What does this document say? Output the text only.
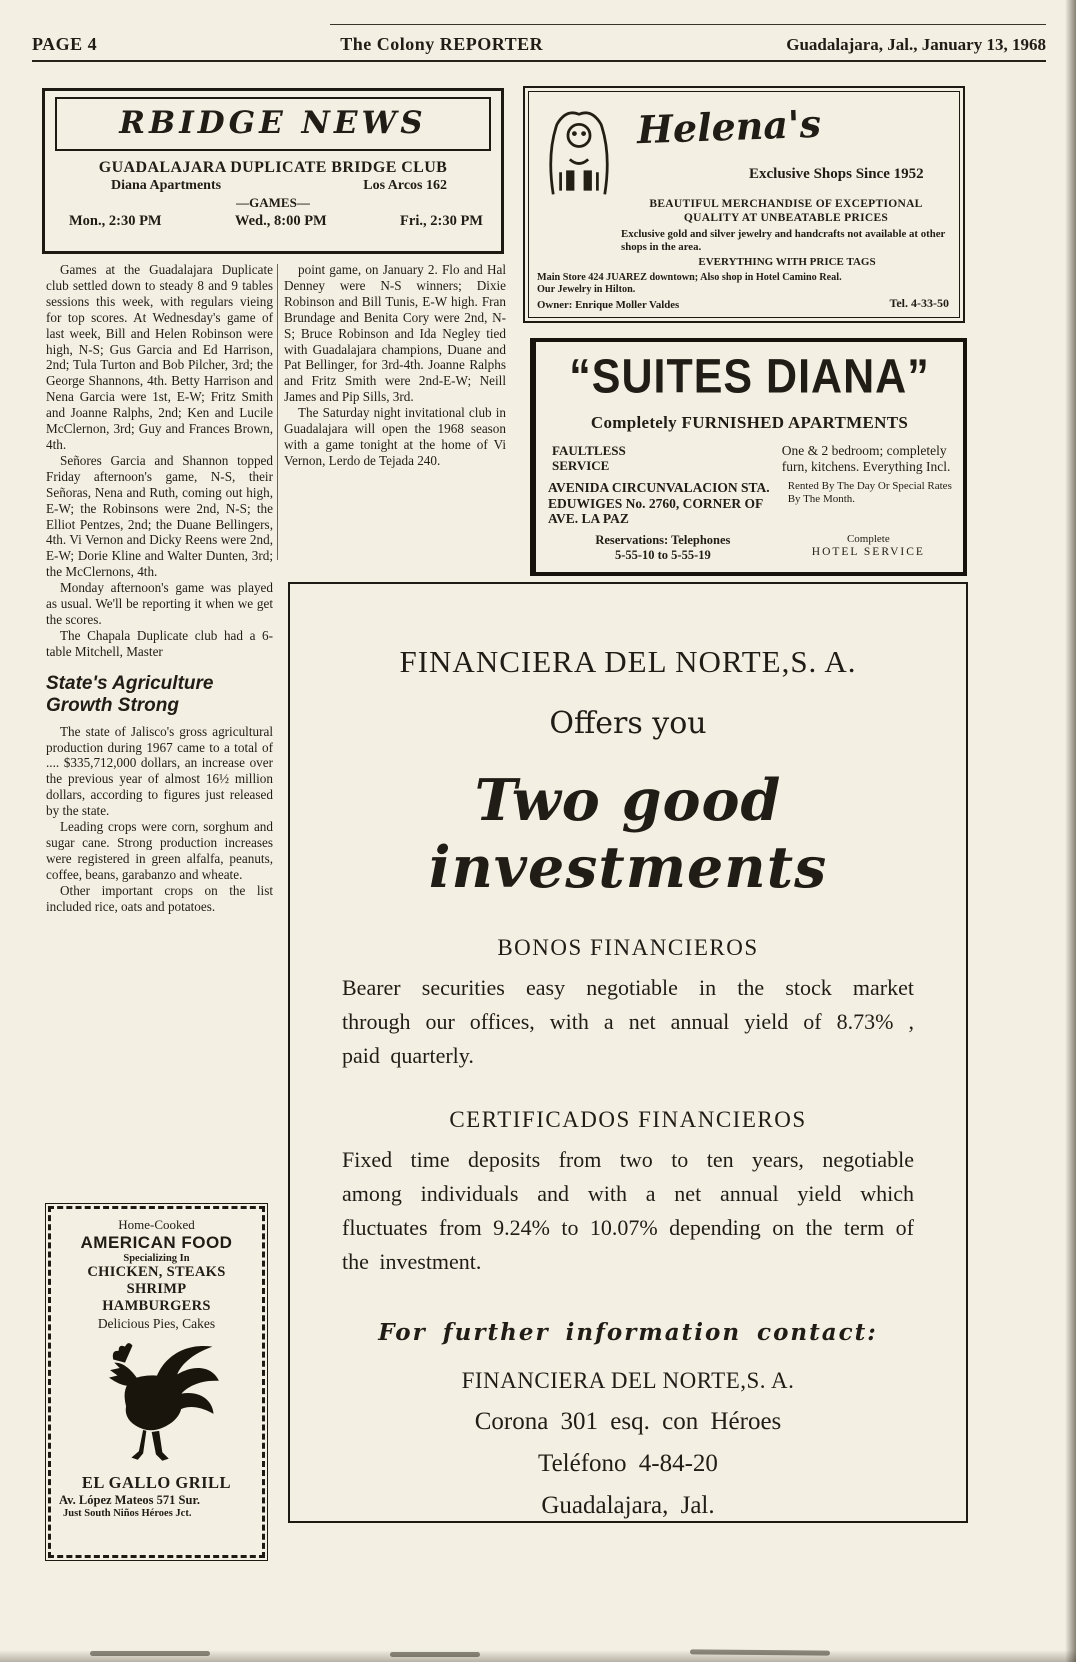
PAGE 4	The Colony REPORTER	Guadalajara, Jal., January 13, 1968
RBIDGE NEWS
GUADALAJARA DUPLICATE BRIDGE CLUB
Diana Apartments	Los Arcos 162
—GAMES—
Mon., 2:30 PM	Wed., 8:00 PM	Fri., 2:30 PM

Games at the Guadalajara Duplicate club settled down to steady 8 and 9 tables sessions this week, with regulars vieing for top scores. At Wednesday's game of last week, Bill and Helen Robinson were high, N-S; Gus Garcia and Ed Harrison, 2nd; Tula Turton and Bob Pilcher, 3rd; the George Shannons, 4th. Betty Harrison and Nena Garcia were 1st, E-W; Fritz Smith and Joanne Ralphs, 2nd; Ken and Lucile McClernon, 3rd; Guy and Frances Brown, 4th.

Señores Garcia and Shannon topped Friday afternoon's game, N-S, their Señoras, Nena and Ruth, coming out high, E-W; the Robinsons were 2nd, N-S; the Elliot Pentzes, 2nd; the Duane Bellingers, 4th. Vi Vernon and Dicky Reens were 2nd, E-W; Dorie Kline and Walter Dunten, 3rd; the McClernons, 4th.

Monday afternoon's game was played as usual. We'll be reporting it when we get the scores.

The Chapala Duplicate club had a 6-table Mitchell, Master

State's Agriculture Growth Strong

The state of Jalisco's gross agricultural production during 1967 came to a total of .... $335,712,000 dollars, an increase over the previous year of almost 16½ million dollars, according to figures just released by the state.

Leading crops were corn, sorghum and sugar cane. Strong production increases were registered in green alfalfa, peanuts, coffee, beans, garabanzo and wheate.

Other important crops on the list included rice, oats and potatoes.

point game, on January 2. Flo and Hal Denney were N-S winners; Dixie Robinson and Bill Tunis, E-W high. Fran Brundage and Benita Cory were 2nd, N-S; Bruce Robinson and Ida Negley tied with Guadalajara champions, Duane and Pat Bellinger, for 3rd-4th. Joanne Ralphs and Fritz Smith were 2nd-E-W; Neill James and Pip Sills, 3rd.

The Saturday night invitational club in Guadalajara will open the 1968 season with a game tonight at the home of Vi Vernon, Lerdo de Tejada 240.

Home-Cooked
AMERICAN FOOD
Specializing In
CHICKEN, STEAKS
SHRIMP
HAMBURGERS
Delicious Pies, Cakes
EL GALLO GRILL
Av. López Mateos 571 Sur.
Just South Niños Héroes Jct.
Helena's
Exclusive Shops Since 1952
BEAUTIFUL MERCHANDISE OF EXCEPTIONAL QUALITY AT UNBEATABLE PRICES
Exclusive gold and silver jewelry and handcrafts not available at other shops in the area.
EVERYTHING WITH PRICE TAGS
Main Store 424 JUAREZ downtown; Also shop in Hotel Camino Real. Our Jewelry in Hilton.
Owner: Enrique Moller Valdes	Tel. 4-33-50
“SUITES DIANA”
Completely FURNISHED APARTMENTS
FAULTLESS SERVICE
One & 2 bedroom; completely furn, kitchens. Everything Incl.
AVENIDA CIRCUNVALACION STA. EDUWIGES No. 2760, CORNER OF AVE. LA PAZ
Rented By The Day Or Special Rates By The Month.
Reservations: Telephones
5-55-10 to 5-55-19
Complete
HOTEL SERVICE
FINANCIERA DEL NORTE,S. A.
Offers you
Two good investments
BONOS FINANCIEROS
Bearer securities easy negotiable in the stock market through our offices, with a net annual yield of 8.73% , paid quarterly.
CERTIFICADOS FINANCIEROS
Fixed time deposits from two to ten years, negotiable among individuals and with a net annual yield which fluctuates from 9.24% to 10.07% depending on the term of the investment.
For further information contact:
FINANCIERA DEL NORTE,S. A.
Corona 301 esq. con Héroes
Teléfono 4-84-20
Guadalajara, Jal.
